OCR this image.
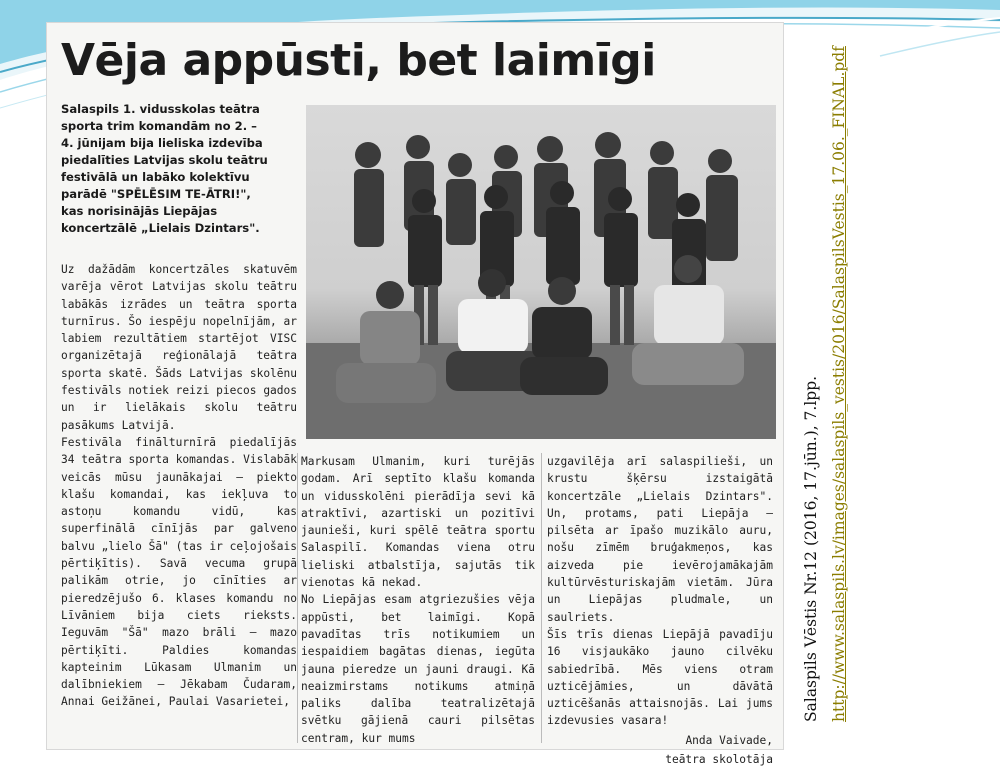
Vēja appūsti, bet laimīgi
Salaspils 1. vidusskolas teātra
sporta trim komandām no 2. –
4. jūnijam bija lieliska izdevība
piedalīties Latvijas skolu teātru
festivālā un labāko kolektīvu
parādē "SPĒLĒSIM TE-ĀTRI!",
kas norisinājās Liepājas
koncertzālē „Lielais Dzintars".

Uz dažādām koncertzāles skatuvēm varēja vērot Latvijas skolu teātru labākās izrādes un teātra sporta turnīrus. Šo iespēju nopelnījām, ar labiem rezultātiem startējot VISC organizētajā reģionālajā teātra sporta skatē. Šāds Latvijas skolēnu festivāls notiek reizi piecos gados un ir lielākais skolu teātru pasākums Latvijā.

Festivāla finālturnīrā piedalījās 34 teātra sporta komandas. Vislabāk veicās mūsu jaunākajai – piekto klašu komandai, kas iekļuva to astoņu komandu vidū, kas superfinālā cīnījās par galveno balvu „lielo Šā" (tas ir ceļojošais pērtiķītis). Savā vecuma grupā palikām otrie, jo cīnīties ar pieredzējušo 6. klases komandu no Līvāniem bija ciets rieksts. Ieguvām "Šā" mazo brāli – mazo pērtiķīti. Paldies komandas kapteinim Lūkasam Ulmanim un dalībniekiem – Jēkabam Čudaram, Annai Geižānei, Paulai Vasarietei,

Markusam Ulmanim, kuri turējās godam. Arī septīto klašu komanda un vidusskolēni pierādīja sevi kā atraktīvi, azartiski un pozitīvi jaunieši, kuri spēlē teātra sportu Salaspilī. Komandas viena otru lieliski atbalstīja, sajutās tik vienotas kā nekad.

No Liepājas esam atgriezušies vēja appūsti, bet laimīgi. Kopā pavadītas trīs notikumiem un iespaidiem bagātas dienas, iegūta jauna pieredze un jauni draugi. Kā neaizmirstams notikums atmiņā paliks dalība teatralizētajā svētku gājienā cauri pilsētas centram, kur mums

uzgavilēja arī salaspilieši, un krustu šķērsu izstaigātā koncertzāle „Lielais Dzintars". Un, protams, pati Liepāja – pilsēta ar īpašo muzikālo auru, nošu zīmēm bruģakmeņos, kas aizveda pie ievērojamākajām kultūrvēsturiskajām vietām. Jūra un Liepājas pludmale, un saulriets.

Šīs trīs dienas Liepājā pavadīju 16 visjaukāko jauno cilvēku sabiedrībā. Mēs viens otram uzticējāmies, un dāvātā uzticēšanās attaisnojās. Lai jums izdevusies vasara!

Anda Vaivade,

teātra skolotāja

Salaspils Vēstis Nr.12 (2016, 17.jūn.), 7.lpp. http://www.salaspils.lv/images/salaspils_vestis/2016/SalaspilsVestis_17.06._FINAL.pdf
